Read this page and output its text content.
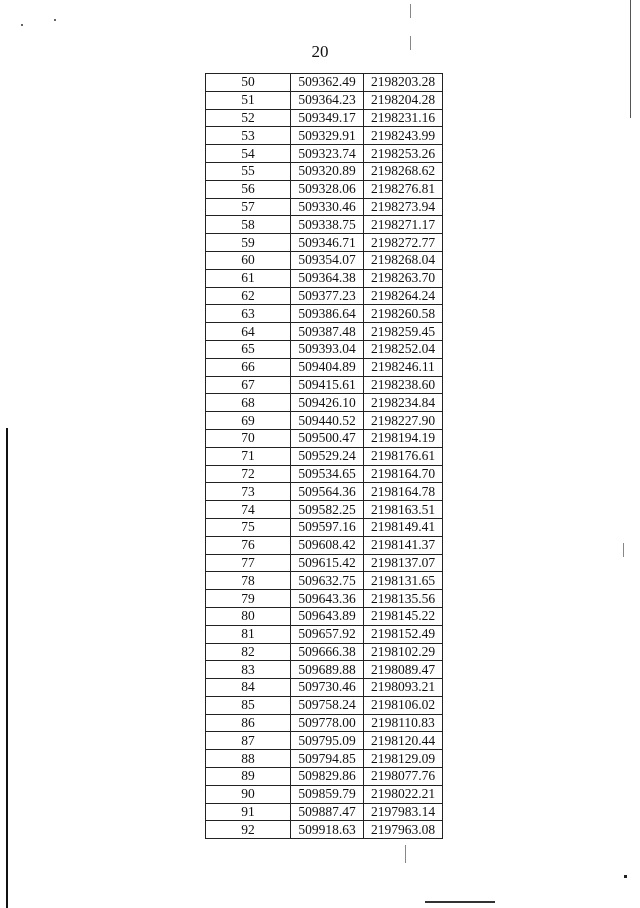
20
50	509362.49	2198203.28
51	509364.23	2198204.28
52	509349.17	2198231.16
53	509329.91	2198243.99
54	509323.74	2198253.26
55	509320.89	2198268.62
56	509328.06	2198276.81
57	509330.46	2198273.94
58	509338.75	2198271.17
59	509346.71	2198272.77
60	509354.07	2198268.04
61	509364.38	2198263.70
62	509377.23	2198264.24
63	509386.64	2198260.58
64	509387.48	2198259.45
65	509393.04	2198252.04
66	509404.89	2198246.11
67	509415.61	2198238.60
68	509426.10	2198234.84
69	509440.52	2198227.90
70	509500.47	2198194.19
71	509529.24	2198176.61
72	509534.65	2198164.70
73	509564.36	2198164.78
74	509582.25	2198163.51
75	509597.16	2198149.41
76	509608.42	2198141.37
77	509615.42	2198137.07
78	509632.75	2198131.65
79	509643.36	2198135.56
80	509643.89	2198145.22
81	509657.92	2198152.49
82	509666.38	2198102.29
83	509689.88	2198089.47
84	509730.46	2198093.21
85	509758.24	2198106.02
86	509778.00	2198110.83
87	509795.09	2198120.44
88	509794.85	2198129.09
89	509829.86	2198077.76
90	509859.79	2198022.21
91	509887.47	2197983.14
92	509918.63	2197963.08
